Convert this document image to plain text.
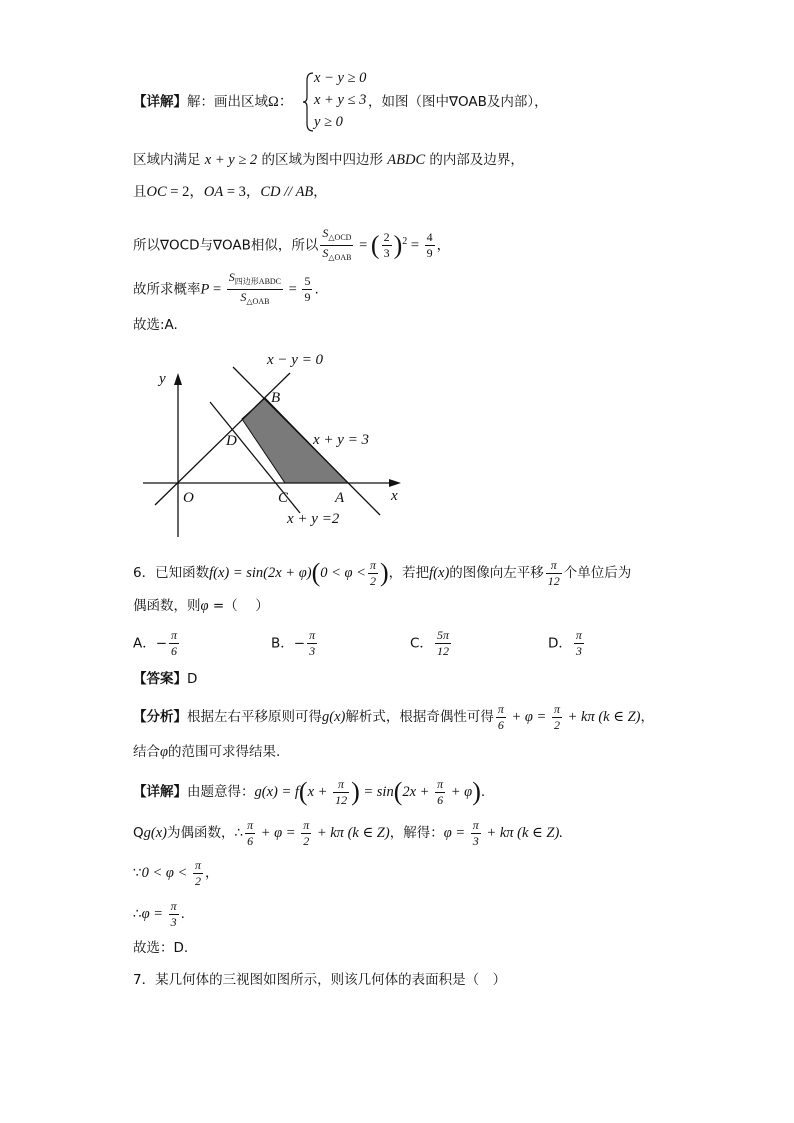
【详解】解：画出区域Ω：
x − y ≥ 0
x + y ≤ 3
y ≥ 0
，如图（图中∇OAB及内部），
区域内满足 x + y ≥ 2 的区域为图中四边形 ABDC 的内部及边界，
且OC = 2，OA = 3，CD // AB，
所以∇OCD与∇OAB相似，所以 $\frac{S_{\triangle OCD}}{S_{\triangle OAB}}$ = ( $\frac{2}{3} )^2 = \frac{4}{9}$ ，
故所求概率$P = \frac{S_{四边形ABDC}}{S_{\triangle OAB}} = \frac{5}{9}$ .
故选:A.
x − y = 0
y
B
D	x + y = 3
O	C	A	x
x + y =2
6．已知函数$f(x) = \sin(2x + \varphi)(0 < \varphi < \frac{\pi}{2}$ )，若把f(x)的图像向左平移 $\frac{\pi}{12}$ 个单位后为
偶函数，则φ =（　 ）
A．− $\frac{\pi}{6}$	B．− $\frac{\pi}{3}$	C． $\frac{5\pi}{12}$	D． $\frac{\pi}{3}$
【答案】D
【分析】根据左右平移原则可得g(x)解析式，根据奇偶性可得 $\frac{\pi}{6} + \varphi = \frac{\pi}{2} + k\pi$ (k ∈ Z)，
结合φ的范围可求得结果.
【详解】由题意得：$g(x) = f(x + \frac{\pi}{12}$ ) = $\sin(2x + \frac{\pi}{6} + \varphi)$.
Qg(x)为偶函数，∴ $\frac{\pi}{6} + \varphi = \frac{\pi}{2} + k\pi$ (k ∈ Z)，解得：$\varphi = \frac{\pi}{3} + k\pi$ (k ∈ Z).
∵0 < $\varphi < \frac{\pi}{2}$ ，
∴φ = $\frac{\pi}{3}$ .
故选：D.
7．某几何体的三视图如图所示，则该几何体的表面积是（　）
